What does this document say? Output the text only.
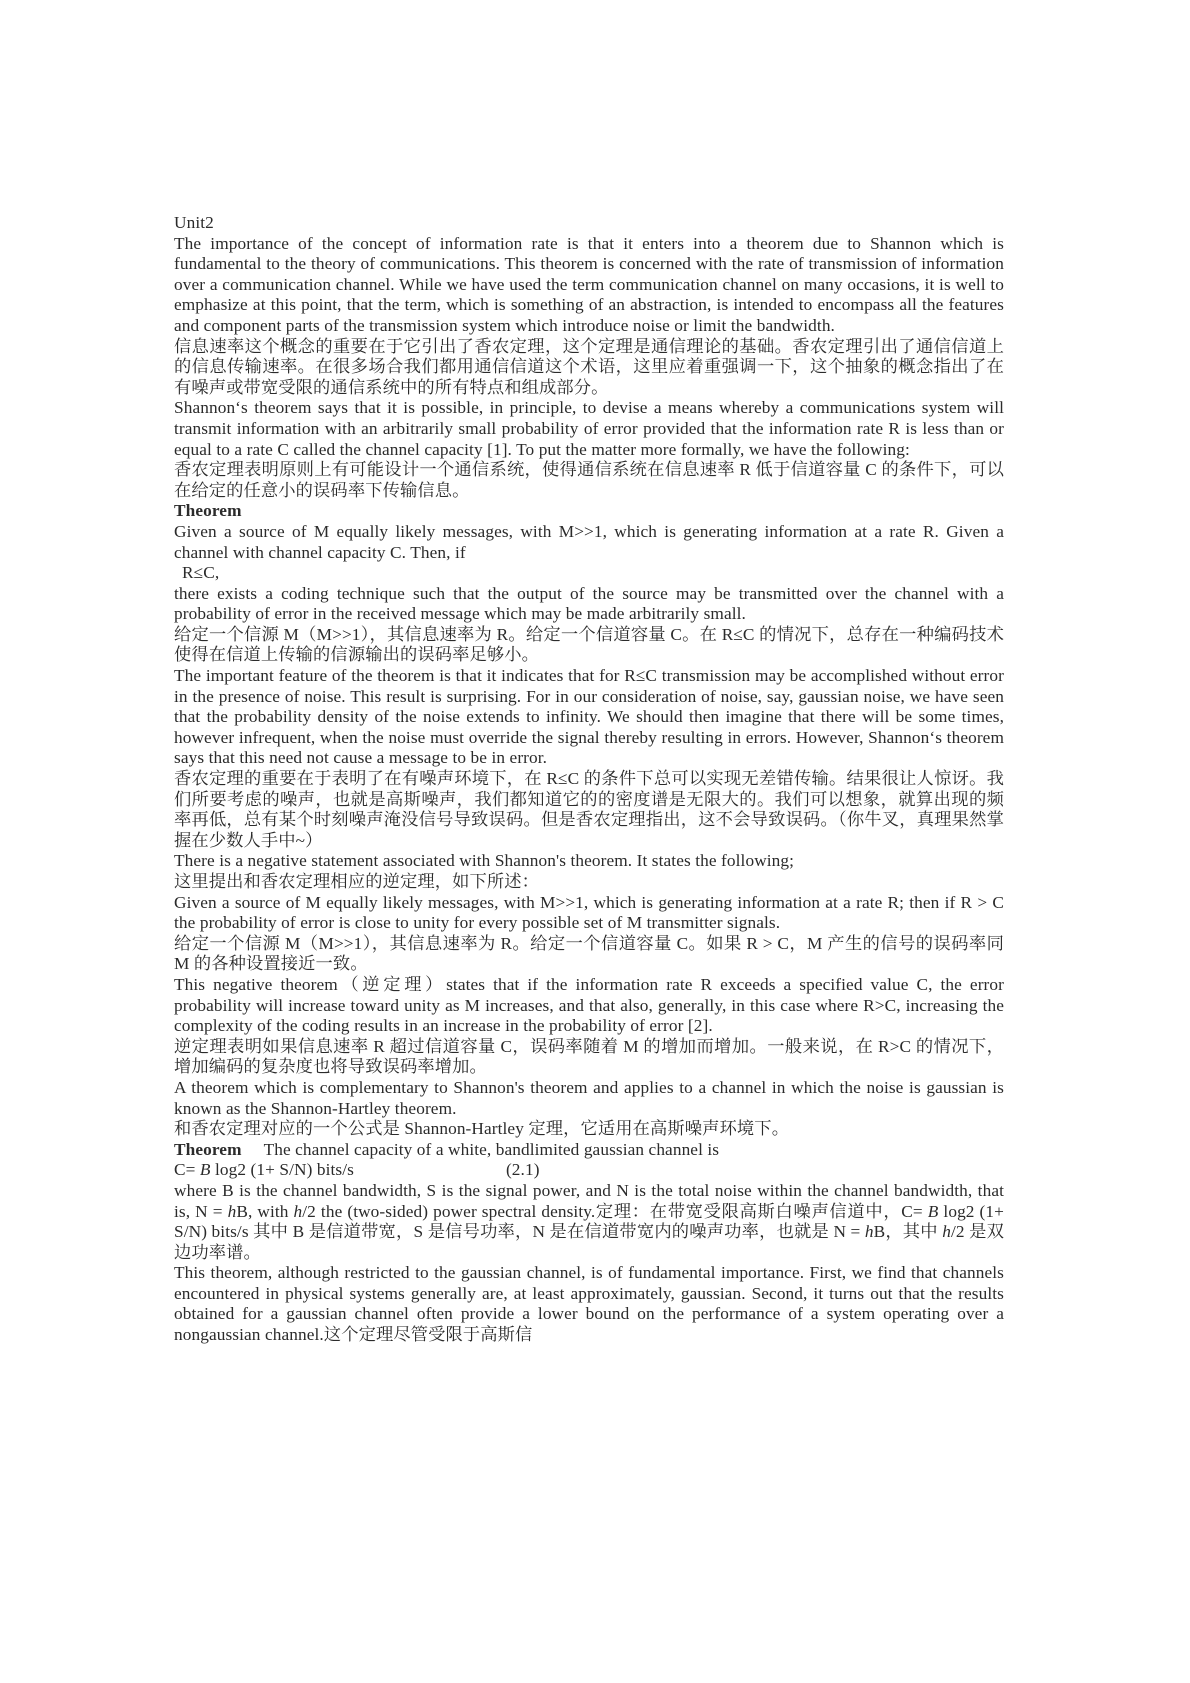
Unit2

The importance of the concept of information rate is that it enters into a theorem due to Shannon which is fundamental to the theory of communications. This theorem is concerned with the rate of transmission of information over a communication channel. While we have used the term communication channel on many occasions, it is well to emphasize at this point, that the term, which is something of an abstraction, is intended to encompass all the features and component parts of the transmission system which introduce noise or limit the bandwidth.

信息速率这个概念的重要在于它引出了香农定理，这个定理是通信理论的基础。香农定理引出了通信信道上的信息传输速率。在很多场合我们都用通信信道这个术语，这里应着重强调一下，这个抽象的概念指出了在有噪声或带宽受限的通信系统中的所有特点和组成部分。

Shannon‘s theorem says that it is possible, in principle, to devise a means whereby a communications system will transmit information with an arbitrarily small probability of error provided that the information rate R is less than or equal to a rate C called the channel capacity [1]. To put the matter more formally, we have the following:

香农定理表明原则上有可能设计一个通信系统，使得通信系统在信息速率 R 低于信道容量 C 的条件下，可以在给定的任意小的误码率下传输信息。

Theorem

Given a source of M equally likely messages, with M>>1, which is generating information at a rate R. Given a channel with channel capacity C. Then, if

R≤C,

there exists a coding technique such that the output of the source may be transmitted over the channel with a probability of error in the received message which may be made arbitrarily small.

给定一个信源 M（M>>1），其信息速率为 R。给定一个信道容量 C。在 R≤C 的情况下，总存在一种编码技术使得在信道上传输的信源输出的误码率足够小。

The important feature of the theorem is that it indicates that for R≤C transmission may be accomplished without error in the presence of noise. This result is surprising. For in our consideration of noise, say, gaussian noise, we have seen that the probability density of the noise extends to infinity. We should then imagine that there will be some times, however infrequent, when the noise must override the signal thereby resulting in errors. However, Shannon‘s theorem says that this need not cause a message to be in error.

香农定理的重要在于表明了在有噪声环境下，在 R≤C 的条件下总可以实现无差错传输。结果很让人惊讶。我们所要考虑的噪声，也就是高斯噪声，我们都知道它的的密度谱是无限大的。我们可以想象，就算出现的频率再低，总有某个时刻噪声淹没信号导致误码。但是香农定理指出，这不会导致误码。（你牛叉，真理果然掌握在少数人手中~）

There is a negative statement associated with Shannon's theorem. It states the following;

这里提出和香农定理相应的逆定理，如下所述：

Given a source of M equally likely messages, with M>>1, which is generating information at a rate R; then if R > C the probability of error is close to unity for every possible set of M transmitter signals.

给定一个信源 M（M>>1），其信息速率为 R。给定一个信道容量 C。如果 R > C，M 产生的信号的误码率同 M 的各种设置接近一致。

This negative theorem（逆定理）states that if the information rate R exceeds a specified value C, the error probability will increase toward unity as M increases, and that also, generally, in this case where R>C, increasing the complexity of the coding results in an increase in the probability of error [2].

逆定理表明如果信息速率 R 超过信道容量 C，误码率随着 M 的增加而增加。一般来说，在 R>C 的情况下，增加编码的复杂度也将导致误码率增加。

A theorem which is complementary to Shannon's theorem and applies to a channel in which the noise is gaussian is known as the Shannon-Hartley theorem.

和香农定理对应的一个公式是 Shannon-Hartley 定理，它适用在高斯噪声环境下。

Theorem The channel capacity of a white, bandlimited gaussian channel is

C= B log2 (1+ S/N) bits/s	(2.1)

where B is the channel bandwidth, S is the signal power, and N is the total noise within the channel bandwidth, that is, N = hB, with h/2 the (two-sided) power spectral density.定理：在带宽受限高斯白噪声信道中，C= B log2 (1+ S/N) bits/s 其中 B 是信道带宽，S 是信号功率，N 是在信道带宽内的噪声功率，也就是 N = hB，其中 h/2 是双边功率谱。

This theorem, although restricted to the gaussian channel, is of fundamental importance. First, we find that channels encountered in physical systems generally are, at least approximately, gaussian. Second, it turns out that the results obtained for a gaussian channel often provide a lower bound on the performance of a system operating over a nongaussian channel.这个定理尽管受限于高斯信
